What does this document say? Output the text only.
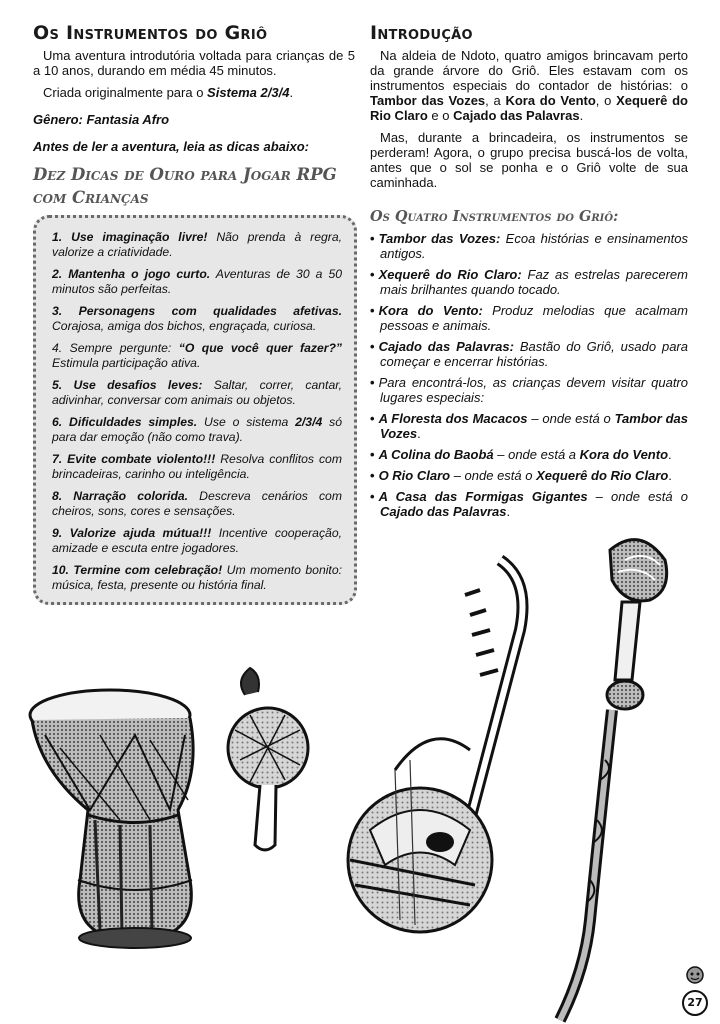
Os Instrumentos do Griô

Uma aventura introdutória voltada para crianças de 5 a 10 anos, durando em média 45 minutos.

Criada originalmente para o Sistema 2/3/4.

Gênero: Fantasia Afro

Antes de ler a aventura, leia as dicas abaixo:

Dez Dicas de Ouro para Jogar RPG com Crianças
1. Use imaginação livre! Não prenda à regra, valorize a criatividade.
2. Mantenha o jogo curto. Aventuras de 30 a 50 minutos são perfeitas.
3. Personagens com qualidades afetivas. Corajosa, amiga dos bichos, engraçada, curiosa.
4. Sempre pergunte: “O que você quer fazer?” Estimula participação ativa.
5. Use desafios leves: Saltar, correr, cantar, adivinhar, conversar com animais ou objetos.
6. Dificuldades simples. Use o sistema 2/3/4 só para dar emoção (não como trava).
7. Evite combate violento!!! Resolva conflitos com brincadeiras, carinho ou inteligência.
8. Narração colorida. Descreva cenários com cheiros, sons, cores e sensações.
9. Valorize ajuda mútua!!! Incentive cooperação, amizade e escuta entre jogadores.
10. Termine com celebração! Um momento bonito: música, festa, presente ou história final.
Introdução

Na aldeia de Ndoto, quatro amigos brincavam perto da grande árvore do Griô. Eles estavam com os instrumentos especiais do contador de histórias: o Tambor das Vozes, a Kora do Vento, o Xequerê do Rio Claro e o Cajado das Palavras.

Mas, durante a brincadeira, os instrumentos se perderam! Agora, o grupo precisa buscá-los de volta, antes que o sol se ponha e o Griô volte de sua caminhada.

Os Quatro Instrumentos do Griô:
• Tambor das Vozes: Ecoa histórias e ensinamentos antigos.
• Xequerê do Rio Claro: Faz as estrelas parecerem mais brilhantes quando tocado.
• Kora do Vento: Produz melodias que acalmam pessoas e animais.
• Cajado das Palavras: Bastão do Griô, usado para começar e encerrar histórias.
• Para encontrá-los, as crianças devem visitar quatro lugares especiais:
• A Floresta dos Macacos – onde está o Tambor das Vozes.
• A Colina do Baobá – onde está a Kora do Vento.
• O Rio Claro – onde está o Xequerê do Rio Claro.
• A Casa das Formigas Gigantes – onde está o Cajado das Palavras.
27
